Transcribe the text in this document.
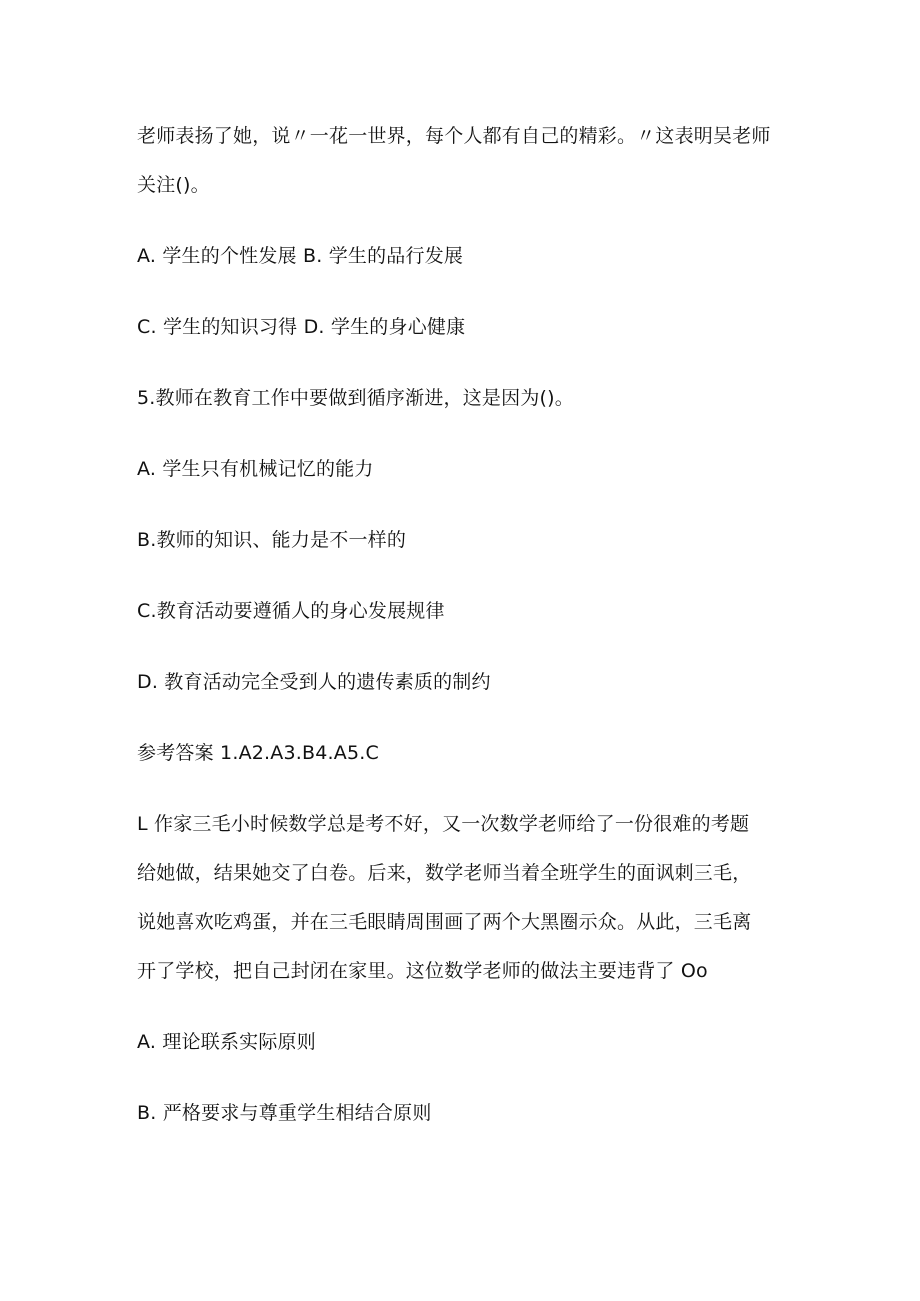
老师表扬了她，说〃一花一世界，每个人都有自己的精彩。〃这表明吴老师
关注()。

A. 学生的个性发展 B. 学生的品行发展

C. 学生的知识习得 D. 学生的身心健康

5.教师在教育工作中要做到循序渐进，这是因为()。

A. 学生只有机械记忆的能力

B.教师的知识、能力是不一样的

C.教育活动要遵循人的身心发展规律

D. 教育活动完全受到人的遗传素质的制约

参考答案 1.A2.A3.B4.A5.C

L 作家三毛小时候数学总是考不好，又一次数学老师给了一份很难的考题
给她做，结果她交了白卷。后来，数学老师当着全班学生的面讽刺三毛，
说她喜欢吃鸡蛋，并在三毛眼睛周围画了两个大黑圈示众。从此，三毛离
开了学校，把自己封闭在家里。这位数学老师的做法主要违背了 Oo

A. 理论联系实际原则

B. 严格要求与尊重学生相结合原则
